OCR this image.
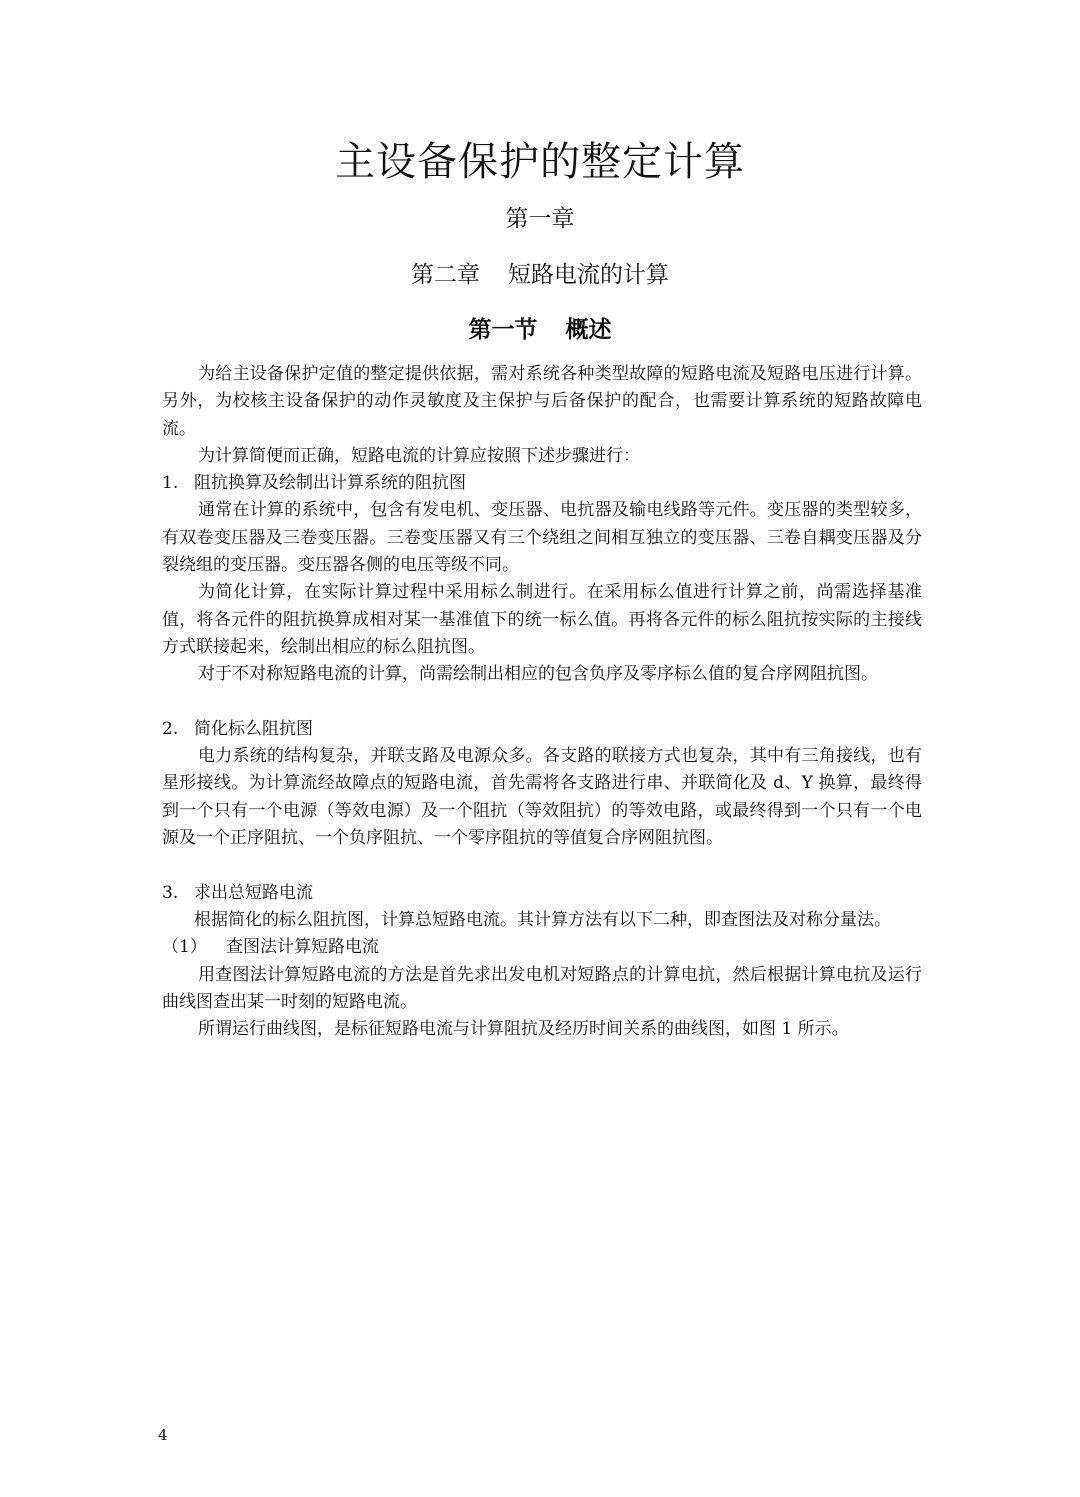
主设备保护的整定计算
第一章
第二章 短路电流的计算
第一节 概述

为给主设备保护定值的整定提供依据，需对系统各种类型故障的短路电流及短路电压进行计算。另外，为校核主设备保护的动作灵敏度及主保护与后备保护的配合，也需要计算系统的短路故障电流。

为计算简便而正确，短路电流的计算应按照下述步骤进行：

1. 阻抗换算及绘制出计算系统的阻抗图

通常在计算的系统中，包含有发电机、变压器、电抗器及输电线路等元件。变压器的类型较多，有双卷变压器及三卷变压器。三卷变压器又有三个绕组之间相互独立的变压器、三卷自耦变压器及分裂绕组的变压器。变压器各侧的电压等级不同。

为简化计算，在实际计算过程中采用标么制进行。在采用标么值进行计算之前，尚需选择基准值，将各元件的阻抗换算成相对某一基准值下的统一标么值。再将各元件的标么阻抗按实际的主接线方式联接起来，绘制出相应的标么阻抗图。

对于不对称短路电流的计算，尚需绘制出相应的包含负序及零序标么值的复合序网阻抗图。

2. 简化标么阻抗图

电力系统的结构复杂，并联支路及电源众多。各支路的联接方式也复杂，其中有三角接线，也有星形接线。为计算流经故障点的短路电流，首先需将各支路进行串、并联简化及 d、Y 换算，最终得到一个只有一个电源（等效电源）及一个阻抗（等效阻抗）的等效电路，或最终得到一个只有一个电源及一个正序阻抗、一个负序阻抗、一个零序阻抗的等值复合序网阻抗图。

3. 求出总短路电流

根据简化的标么阻抗图，计算总短路电流。其计算方法有以下二种，即查图法及对称分量法。

（1） 查图法计算短路电流

用查图法计算短路电流的方法是首先求出发电机对短路点的计算电抗，然后根据计算电抗及运行曲线图查出某一时刻的短路电流。

所谓运行曲线图，是标征短路电流与计算阻抗及经历时间关系的曲线图，如图 1 所示。

4
